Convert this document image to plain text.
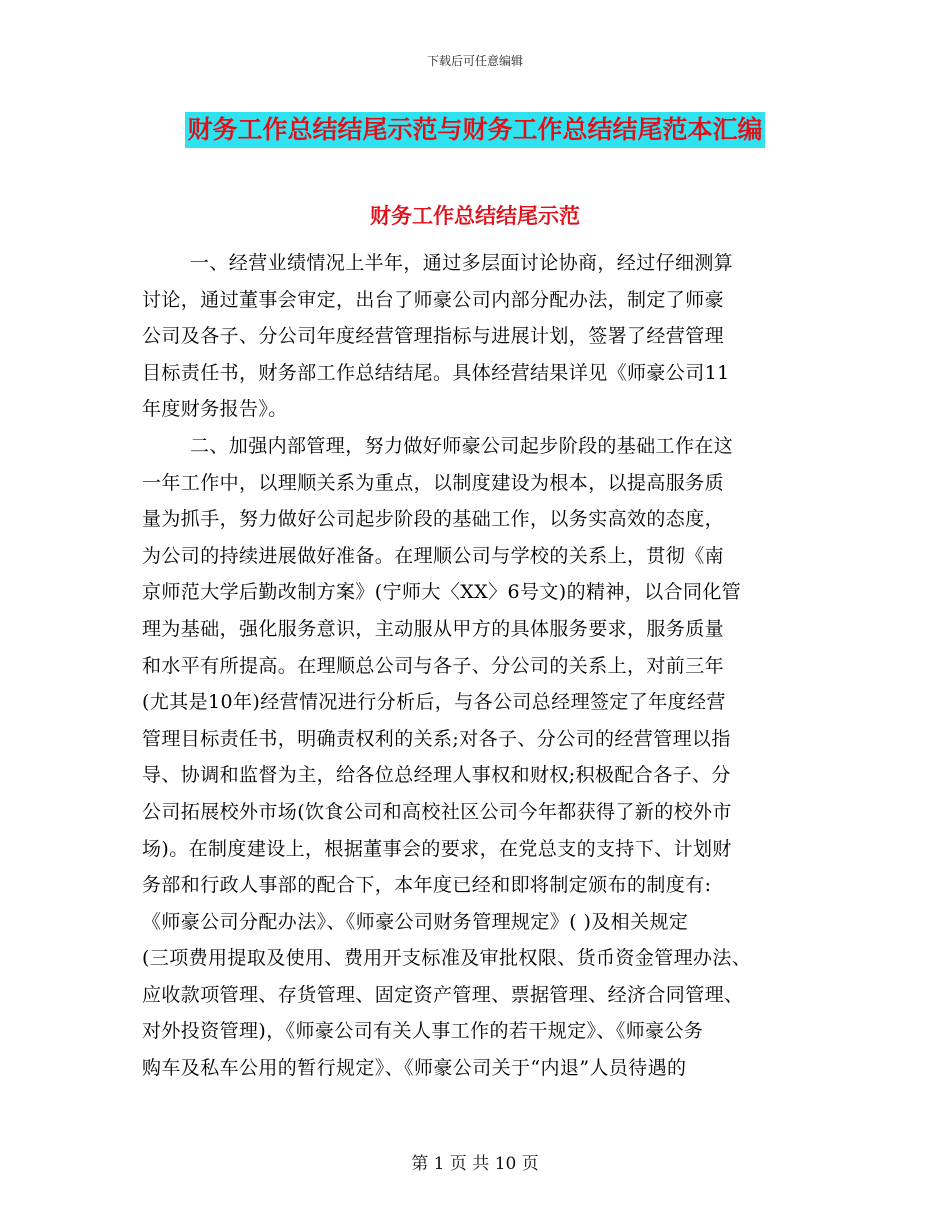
下载后可任意编辑
财务工作总结结尾示范与财务工作总结结尾范本汇编
财务工作总结结尾示范
一、经营业绩情况上半年，通过多层面讨论协商，经过仔细测算
讨论，通过董事会审定，出台了师豪公司内部分配办法，制定了师豪
公司及各子、分公司年度经营管理指标与进展计划，签署了经营管理
目标责任书，财务部工作总结结尾。具体经营结果详见《师豪公司11
年度财务报告》。
二、加强内部管理，努力做好师豪公司起步阶段的基础工作在这
一年工作中，以理顺关系为重点，以制度建设为根本，以提高服务质
量为抓手，努力做好公司起步阶段的基础工作，以务实高效的态度，
为公司的持续进展做好准备。在理顺公司与学校的关系上，贯彻《南
京师范大学后勤改制方案》(宁师大〈XX〉6号文)的精神，以合同化管
理为基础，强化服务意识，主动服从甲方的具体服务要求，服务质量
和水平有所提高。在理顺总公司与各子、分公司的关系上，对前三年
(尤其是10年)经营情况进行分析后，与各公司总经理签定了年度经营
管理目标责任书，明确责权利的关系;对各子、分公司的经营管理以指
导、协调和监督为主，给各位总经理人事权和财权;积极配合各子、分
公司拓展校外市场(饮食公司和高校社区公司今年都获得了新的校外市
场)。在制度建设上，根据董事会的要求，在党总支的支持下、计划财
务部和行政人事部的配合下，本年度已经和即将制定颁布的制度有:
《师豪公司分配办法》、《师豪公司财务管理规定》( )及相关规定
(三项费用提取及使用、费用开支标准及审批权限、货币资金管理办法、
应收款项管理、存货管理、固定资产管理、票据管理、经济合同管理、
对外投资管理)，《师豪公司有关人事工作的若干规定》、《师豪公务
购车及私车公用的暂行规定》、《师豪公司关于“内退”人员待遇的
第 1 页 共 10 页
